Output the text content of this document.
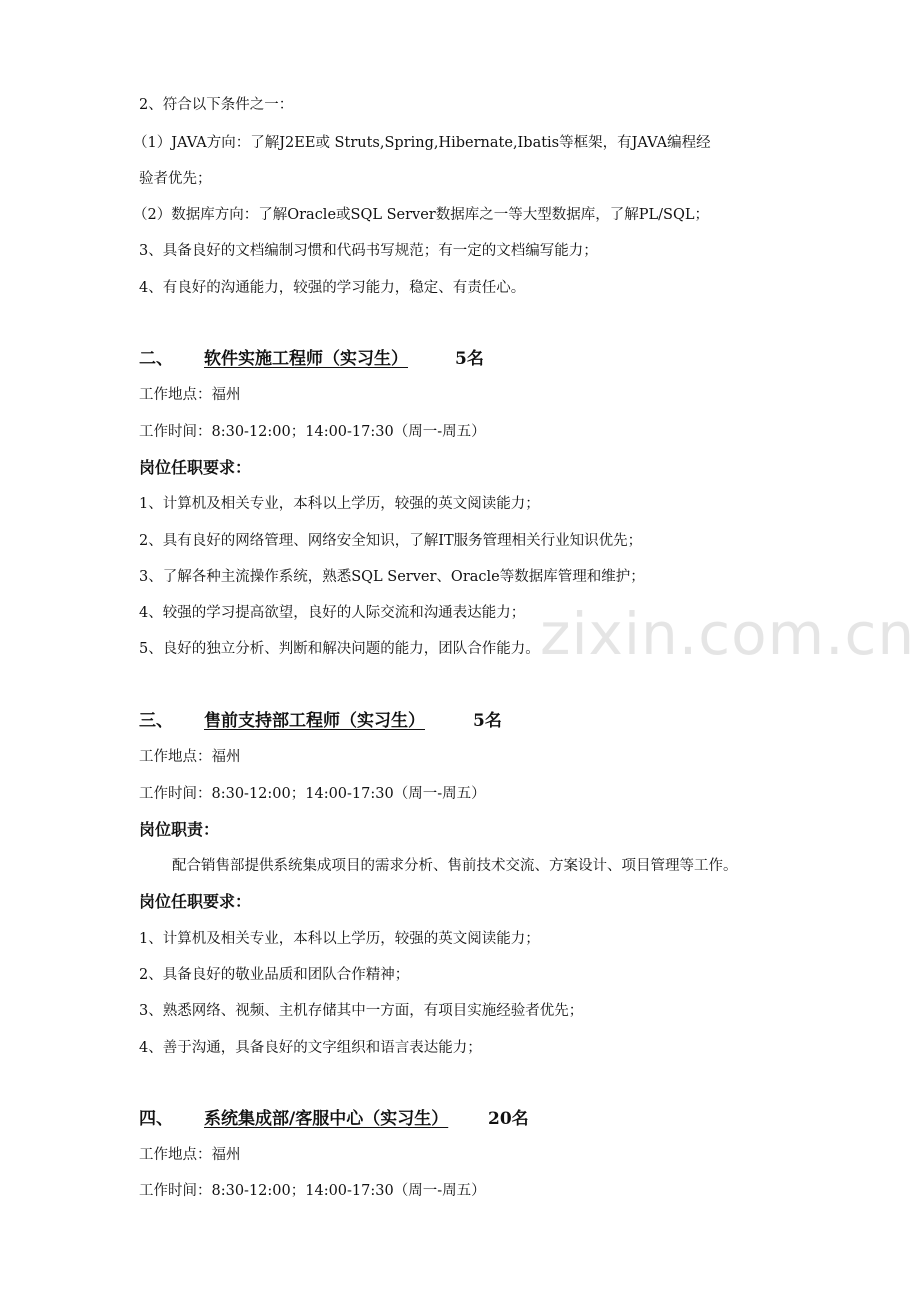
2、符合以下条件之一：
（1）JAVA方向：了解J2EE或 Struts,Spring,Hibernate,Ibatis等框架，有JAVA编程经
验者优先；
（2）数据库方向：了解Oracle或SQL Server数据库之一等大型数据库，了解PL/SQL；
3、具备良好的文档编制习惯和代码书写规范；有一定的文档编写能力；
4、有良好的沟通能力，较强的学习能力，稳定、有责任心。
二、 软件实施工程师（实习生）	5名
工作地点：福州
工作时间：8:30-12:00；14:00-17:30（周一-周五）
岗位任职要求：
1、计算机及相关专业，本科以上学历，较强的英文阅读能力；
2、具有良好的网络管理、网络安全知识，了解IT服务管理相关行业知识优先；
3、了解各种主流操作系统，熟悉SQL Server、Oracle等数据库管理和维护；
4、较强的学习提高欲望，良好的人际交流和沟通表达能力；
5、良好的独立分析、判断和解决问题的能力，团队合作能力。
三、 售前支持部工程师（实习生）	5名
工作地点：福州
工作时间：8:30-12:00；14:00-17:30（周一-周五）
岗位职责：
配合销售部提供系统集成项目的需求分析、售前技术交流、方案设计、项目管理等工作。
岗位任职要求：
1、计算机及相关专业，本科以上学历，较强的英文阅读能力；
2、具备良好的敬业品质和团队合作精神；
3、熟悉网络、视频、主机存储其中一方面，有项目实施经验者优先；
4、善于沟通，具备良好的文字组织和语言表达能力；
四、 系统集成部/客服中心（实习生） 20名
工作地点：福州
工作时间：8:30-12:00；14:00-17:30（周一-周五）
zixin.com.cn
